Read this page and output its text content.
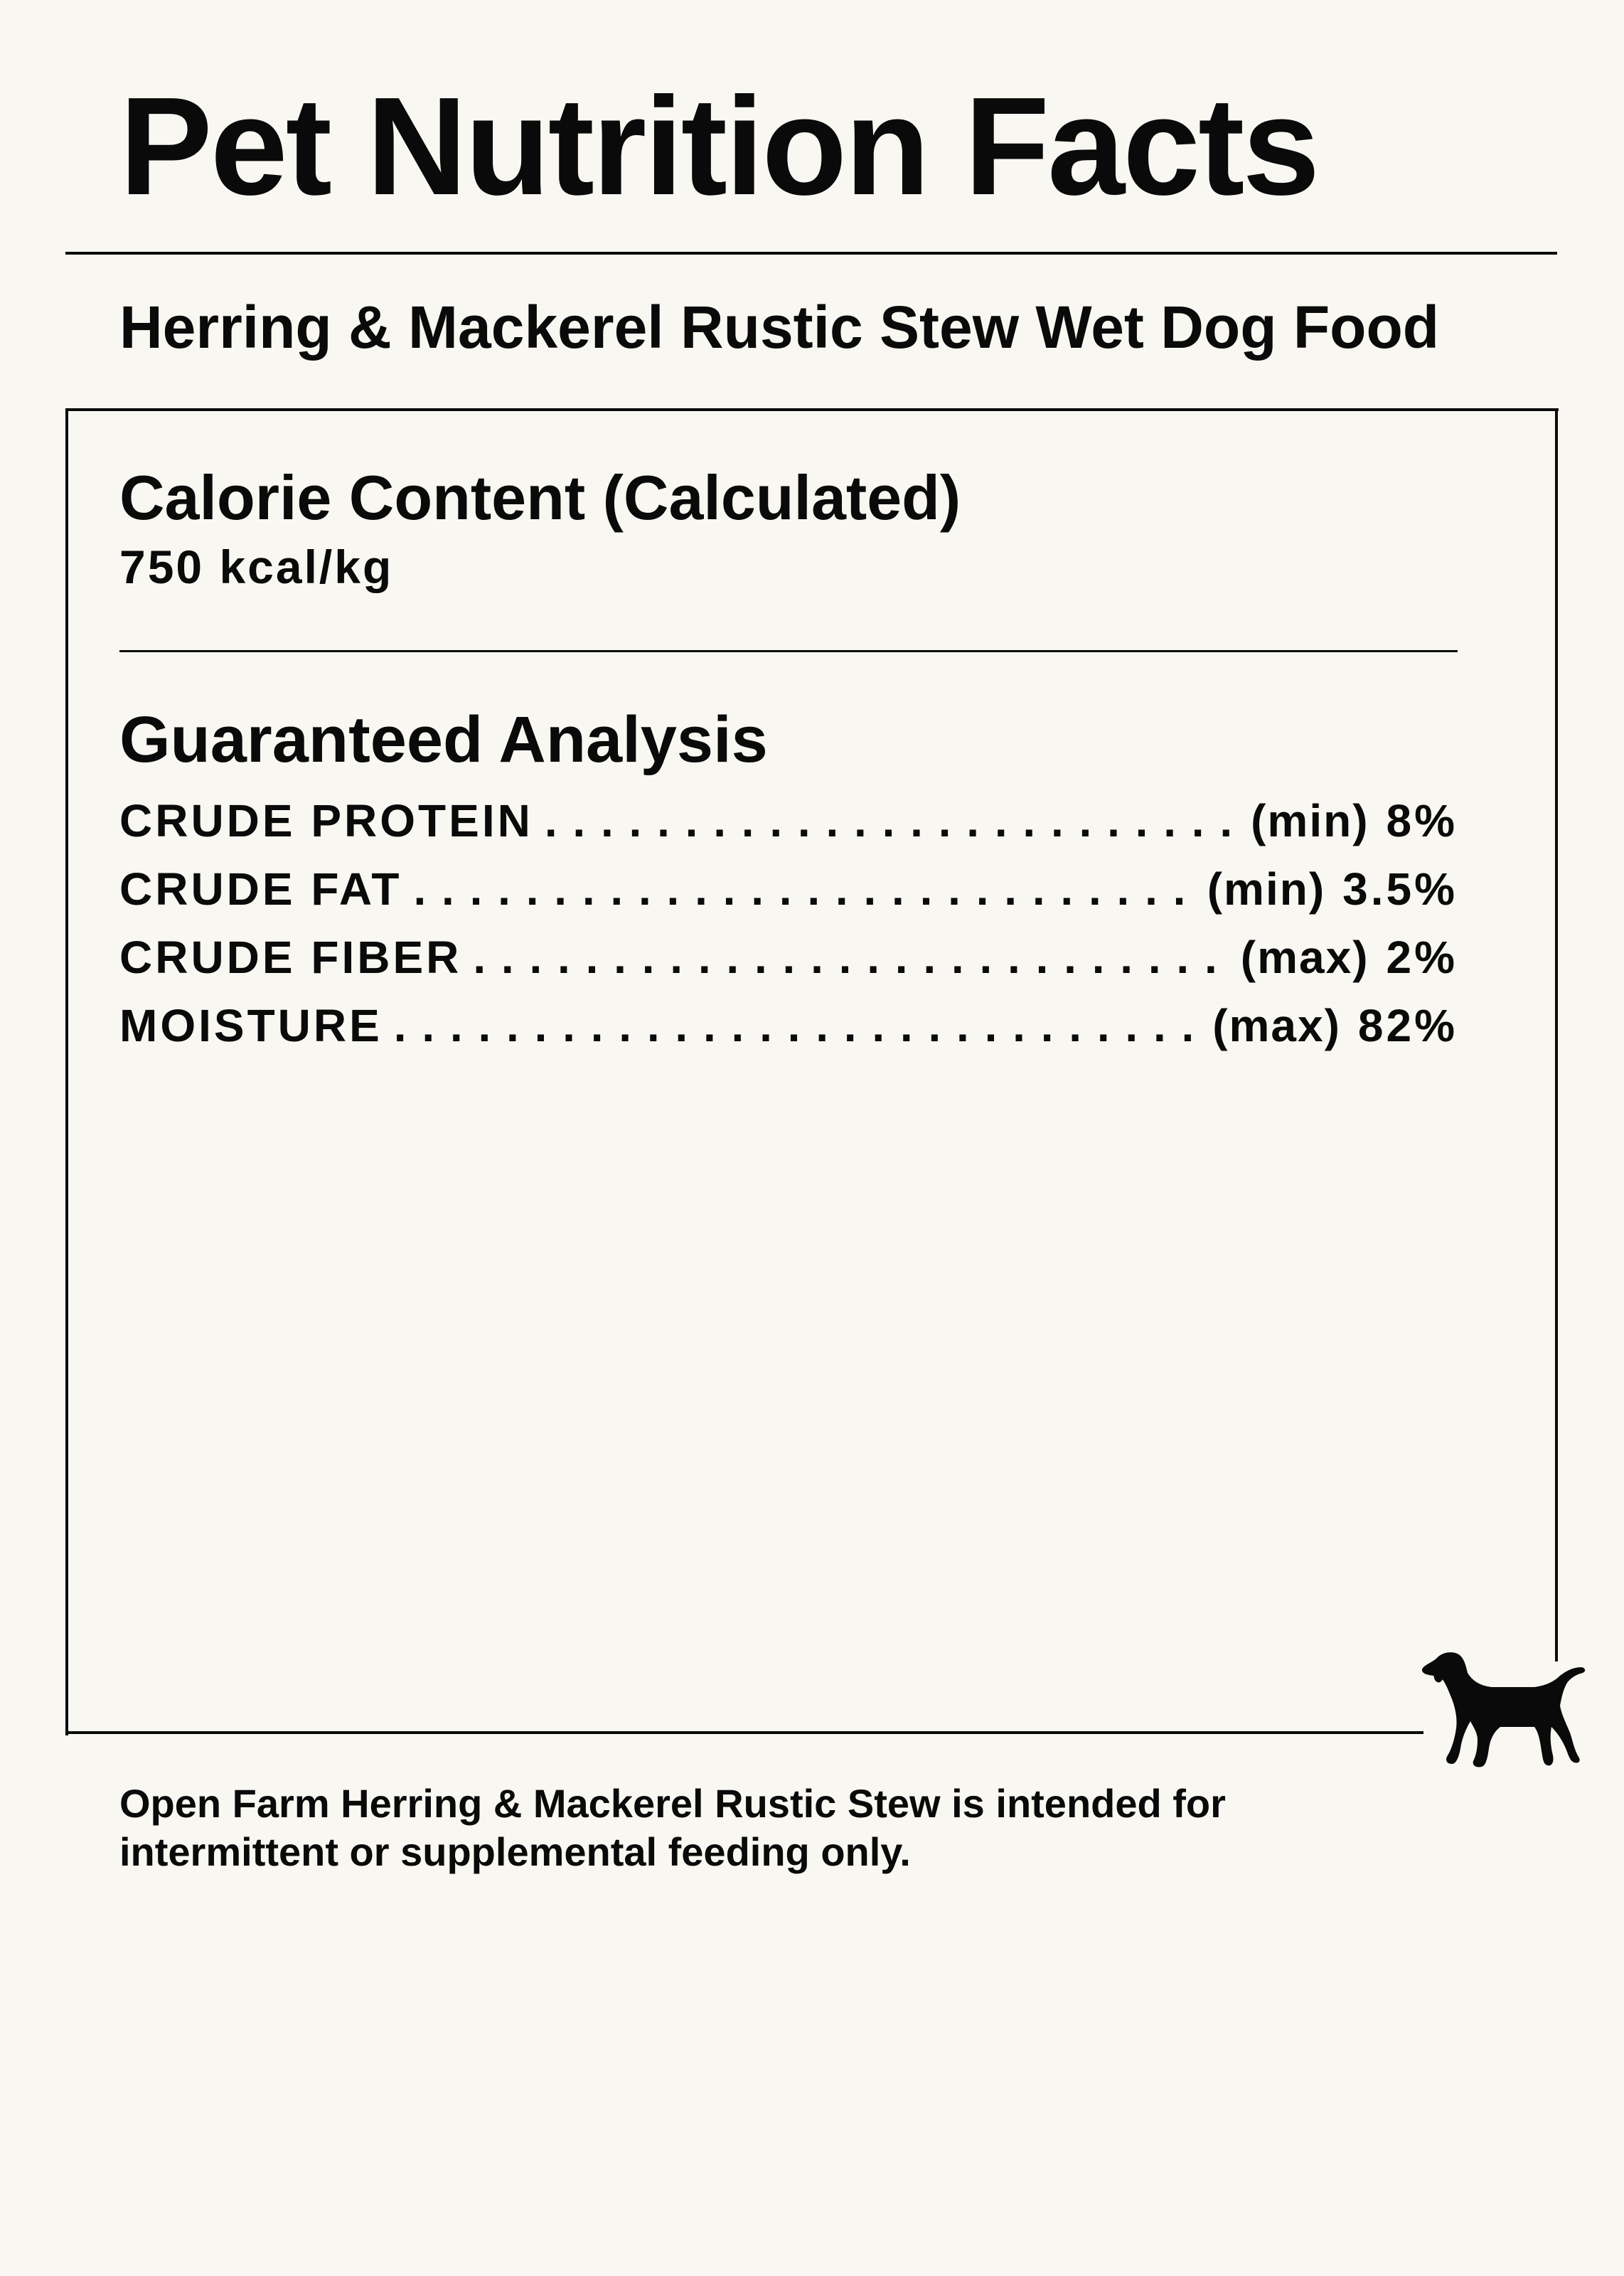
Pet Nutrition Facts
Herring & Mackerel Rustic Stew Wet Dog Food
Calorie Content (Calculated)

750 kcal/kg

Guaranteed Analysis
CRUDE PROTEIN . . .	(min) 8%
CRUDE FAT . . .	(min) 3.5%
CRUDE FIBER . . .	(max) 2%
MOISTURE . . .	(max) 82%

Open Farm Herring & Mackerel Rustic Stew is intended for
intermittent or supplemental feeding only.
